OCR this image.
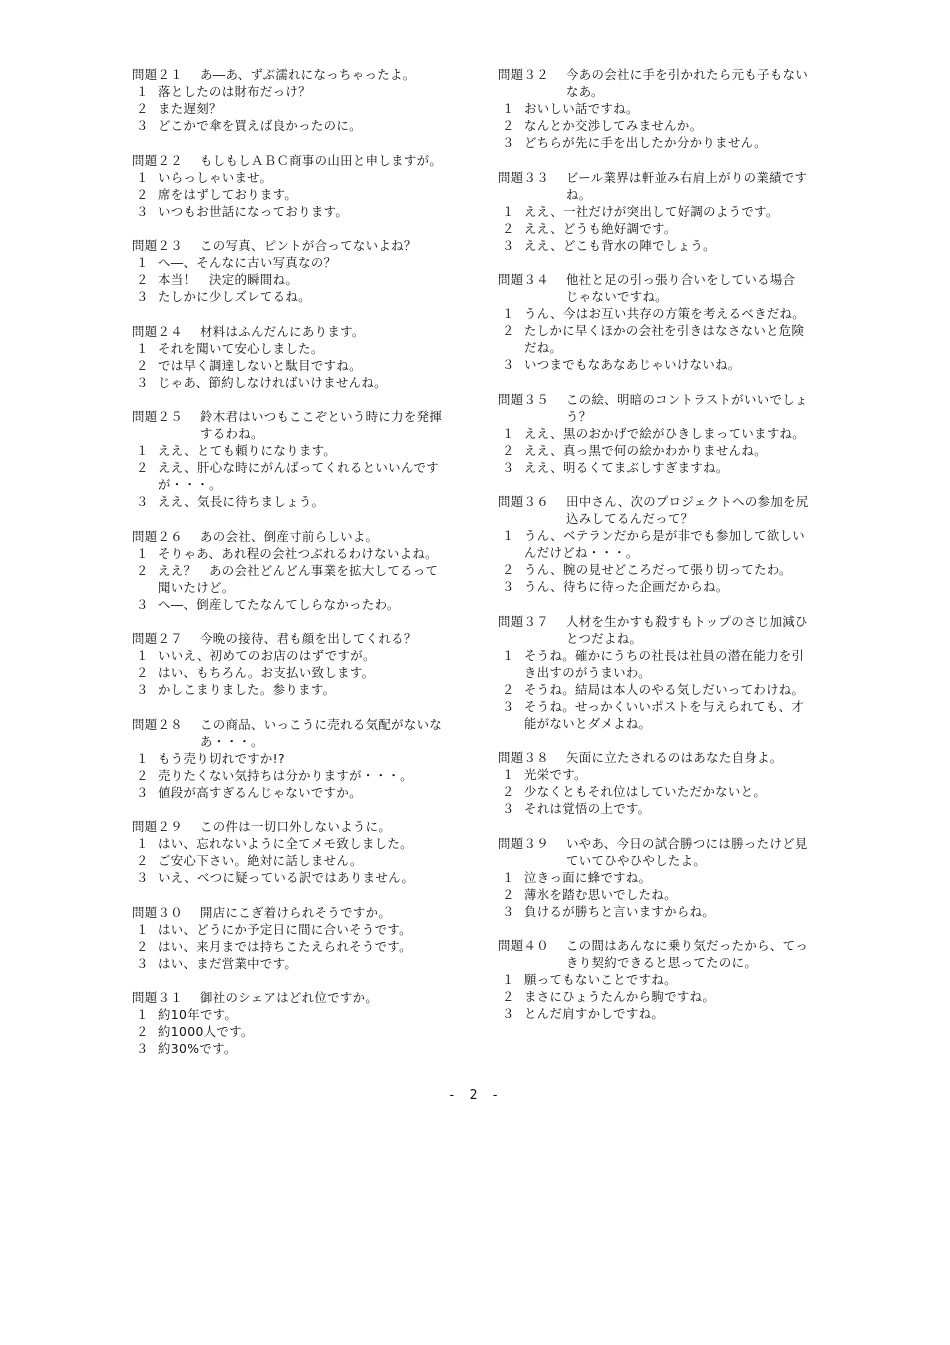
問題２１	あ―あ、ずぶ濡れになっちゃったよ。
１ 落としたのは財布だっけ？
２ また遅刻？
３ どこかで傘を買えば良かったのに。
問題２２	もしもしＡＢＣ商事の山田と申しますが。
１ いらっしゃいませ。
２ 席をはずしております。
３ いつもお世話になっております。
問題２３	この写真、ピントが合ってないよね？
１ へ―、そんなに古い写真なの？
２ 本当！　決定的瞬間ね。
３ たしかに少しズレてるね。
問題２４	材料はふんだんにあります。
１ それを聞いて安心しました。
２ では早く調達しないと駄目ですね。
３ じゃあ、節約しなければいけませんね。
問題２５	鈴木君はいつもここぞという時に力を発揮
するわね。
１ ええ、とても頼りになります。
２ ええ、肝心な時にがんばってくれるといいんです
が・・・。
３ ええ、気長に待ちましょう。
問題２６	あの会社、倒産寸前らしいよ。
１ そりゃあ、あれ程の会社つぶれるわけないよね。
２ ええ？　あの会社どんどん事業を拡大してるって
聞いたけど。
３ へ―、倒産してたなんてしらなかったわ。
問題２７	今晩の接待、君も顔を出してくれる？
１ いいえ、初めてのお店のはずですが。
２ はい、もちろん。お支払い致します。
３ かしこまりました。参ります。
問題２８	この商品、いっこうに売れる気配がないな
あ・・・。
１ もう売り切れですか!?
２ 売りたくない気持ちは分かりますが・・・。
３ 値段が高すぎるんじゃないですか。
問題２９	この件は一切口外しないように。
１ はい、忘れないように全てメモ致しました。
２ ご安心下さい。絶対に話しません。
３ いえ、べつに疑っている訳ではありません。
問題３０	開店にこぎ着けられそうですか。
１ はい、どうにか予定日に間に合いそうです。
２ はい、来月までは持ちこたえられそうです。
３ はい、まだ営業中です。
問題３１	御社のシェアはどれ位ですか。
１ 約10年です。
２ 約1000人です。
３ 約30%です。
問題３２	今あの会社に手を引かれたら元も子もない
なあ。
１ おいしい話ですね。
２ なんとか交渉してみませんか。
３ どちらが先に手を出したか分かりません。
問題３３	ビール業界は軒並み右肩上がりの業績です
ね。
１ ええ、一社だけが突出して好調のようです。
２ ええ、どうも絶好調です。
３ ええ、どこも背水の陣でしょう。
問題３４	他社と足の引っ張り合いをしている場合
じゃないですね。
１ うん、今はお互い共存の方策を考えるべきだね。
２ たしかに早くほかの会社を引きはなさないと危険
だね。
３ いつまでもなあなあじゃいけないね。
問題３５	この絵、明暗のコントラストがいいでしょ
う？
１ ええ、黒のおかげで絵がひきしまっていますね。
２ ええ、真っ黒で何の絵かわかりませんね。
３ ええ、明るくてまぶしすぎますね。
問題３６	田中さん、次のプロジェクトへの参加を尻
込みしてるんだって？
１ うん、ベテランだから是が非でも参加して欲しい
んだけどね・・・。
２ うん、腕の見せどころだって張り切ってたわ。
３ うん、待ちに待った企画だからね。
問題３７	人材を生かすも殺すもトップのさじ加減ひ
とつだよね。
１ そうね。確かにうちの社長は社員の潜在能力を引
き出すのがうまいわ。
２ そうね。結局は本人のやる気しだいってわけね。
３ そうね。せっかくいいポストを与えられても、才
能がないとダメよね。
問題３８	矢面に立たされるのはあなた自身よ。
１ 光栄です。
２ 少なくともそれ位はしていただかないと。
３ それは覚悟の上です。
問題３９	いやあ、今日の試合勝つには勝ったけど見
ていてひやひやしたよ。
１ 泣きっ面に蜂ですね。
２ 薄氷を踏む思いでしたね。
３ 負けるが勝ちと言いますからね。
問題４０	この間はあんなに乗り気だったから、てっ
きり契約できると思ってたのに。
１ 願ってもないことですね。
２ まさにひょうたんから駒ですね。
３ とんだ肩すかしですね。
- 2 -
